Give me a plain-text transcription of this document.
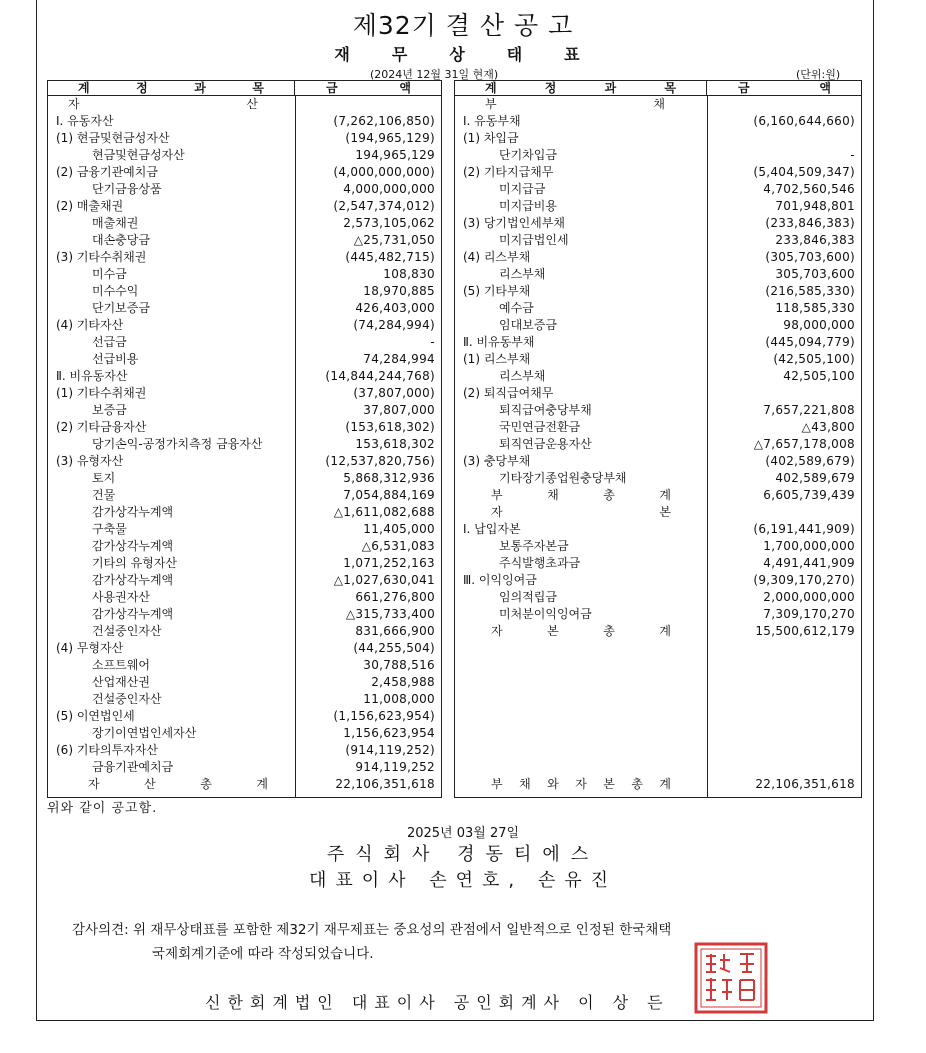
제32기 결 산 공 고
재무상태표
(2024년 12월 31일 현재)	(단위:원)
계	정	과	목	금	액
자	산
Ⅰ. 유동자산	(7,262,106,850)
(1) 현금및현금성자산	(194,965,129)
현금및현금성자산	194,965,129
(2) 금융기관예치금	(4,000,000,000)
단기금융상품	4,000,000,000
(2) 매출채권	(2,547,374,012)
매출채권	2,573,105,062
대손충당금	△25,731,050
(3) 기타수취채권	(445,482,715)
미수금	108,830
미수수익	18,970,885
단기보증금	426,403,000
(4) 기타자산	(74,284,994)
선급금	-
선급비용	74,284,994
Ⅱ. 비유동자산	(14,844,244,768)
(1) 기타수취채권	(37,807,000)
보증금	37,807,000
(2) 기타금융자산	(153,618,302)
당기손익-공정가치측정 금융자산	153,618,302
(3) 유형자산	(12,537,820,756)
토지	5,868,312,936
건물	7,054,884,169
감가상각누계액	△1,611,082,688
구축물	11,405,000
감가상각누계액	△6,531,083
기타의 유형자산	1,071,252,163
감가상각누계액	△1,027,630,041
사용권자산	661,276,800
감가상각누계액	△315,733,400
건설중인자산	831,666,900
(4) 무형자산	(44,255,504)
소프트웨어	30,788,516
산업재산권	2,458,988
건설중인자산	11,008,000
(5) 이연법인세	(1,156,623,954)
장기이연법인세자산	1,156,623,954
(6) 기타의투자자산	(914,119,252)
금융기관예치금	914,119,252
자	산	총	계	22,106,351,618
계	정	과	목	금	액
부	채
Ⅰ. 유동부채	(6,160,644,660)
(1) 차입금
단기차입금	-
(2) 기타지급채무	(5,404,509,347)
미지급금	4,702,560,546
미지급비용	701,948,801
(3) 당기법인세부채	(233,846,383)
미지급법인세	233,846,383
(4) 리스부채	(305,703,600)
리스부채	305,703,600
(5) 기타부채	(216,585,330)
예수금	118,585,330
임대보증금	98,000,000
Ⅱ. 비유동부채	(445,094,779)
(1) 리스부채	(42,505,100)
리스부채	42,505,100
(2) 퇴직급여채무
퇴직급여충당부채	7,657,221,808
국민연금전환금	△43,800
퇴직연금운용자산	△7,657,178,008
(3) 충당부채	(402,589,679)
기타장기종업원충당부채	402,589,679
부	채	총	계	6,605,739,439
자	본
Ⅰ. 납입자본	(6,191,441,909)
보통주자본금	1,700,000,000
주식발행초과금	4,491,441,909
Ⅲ. 이익잉여금	(9,309,170,270)
임의적립금	2,000,000,000
미처분이익잉여금	7,309,170,270
자	본	총	계	15,500,612,179
부 채 와 자 본 총 계	22,106,351,618
위와 같이 공고함.
2025년 03월 27일
주식회사 경동티에스
대표이사 손연호, 손유진
감사의견: 위 재무상태표를 포함한 제32기 재무제표는 중요성의 관점에서 일반적으로 인정된 한국채택
국제회계기준에 따라 작성되었습니다.
신한회계법인 대표이사 공인회계사 이 상 든
